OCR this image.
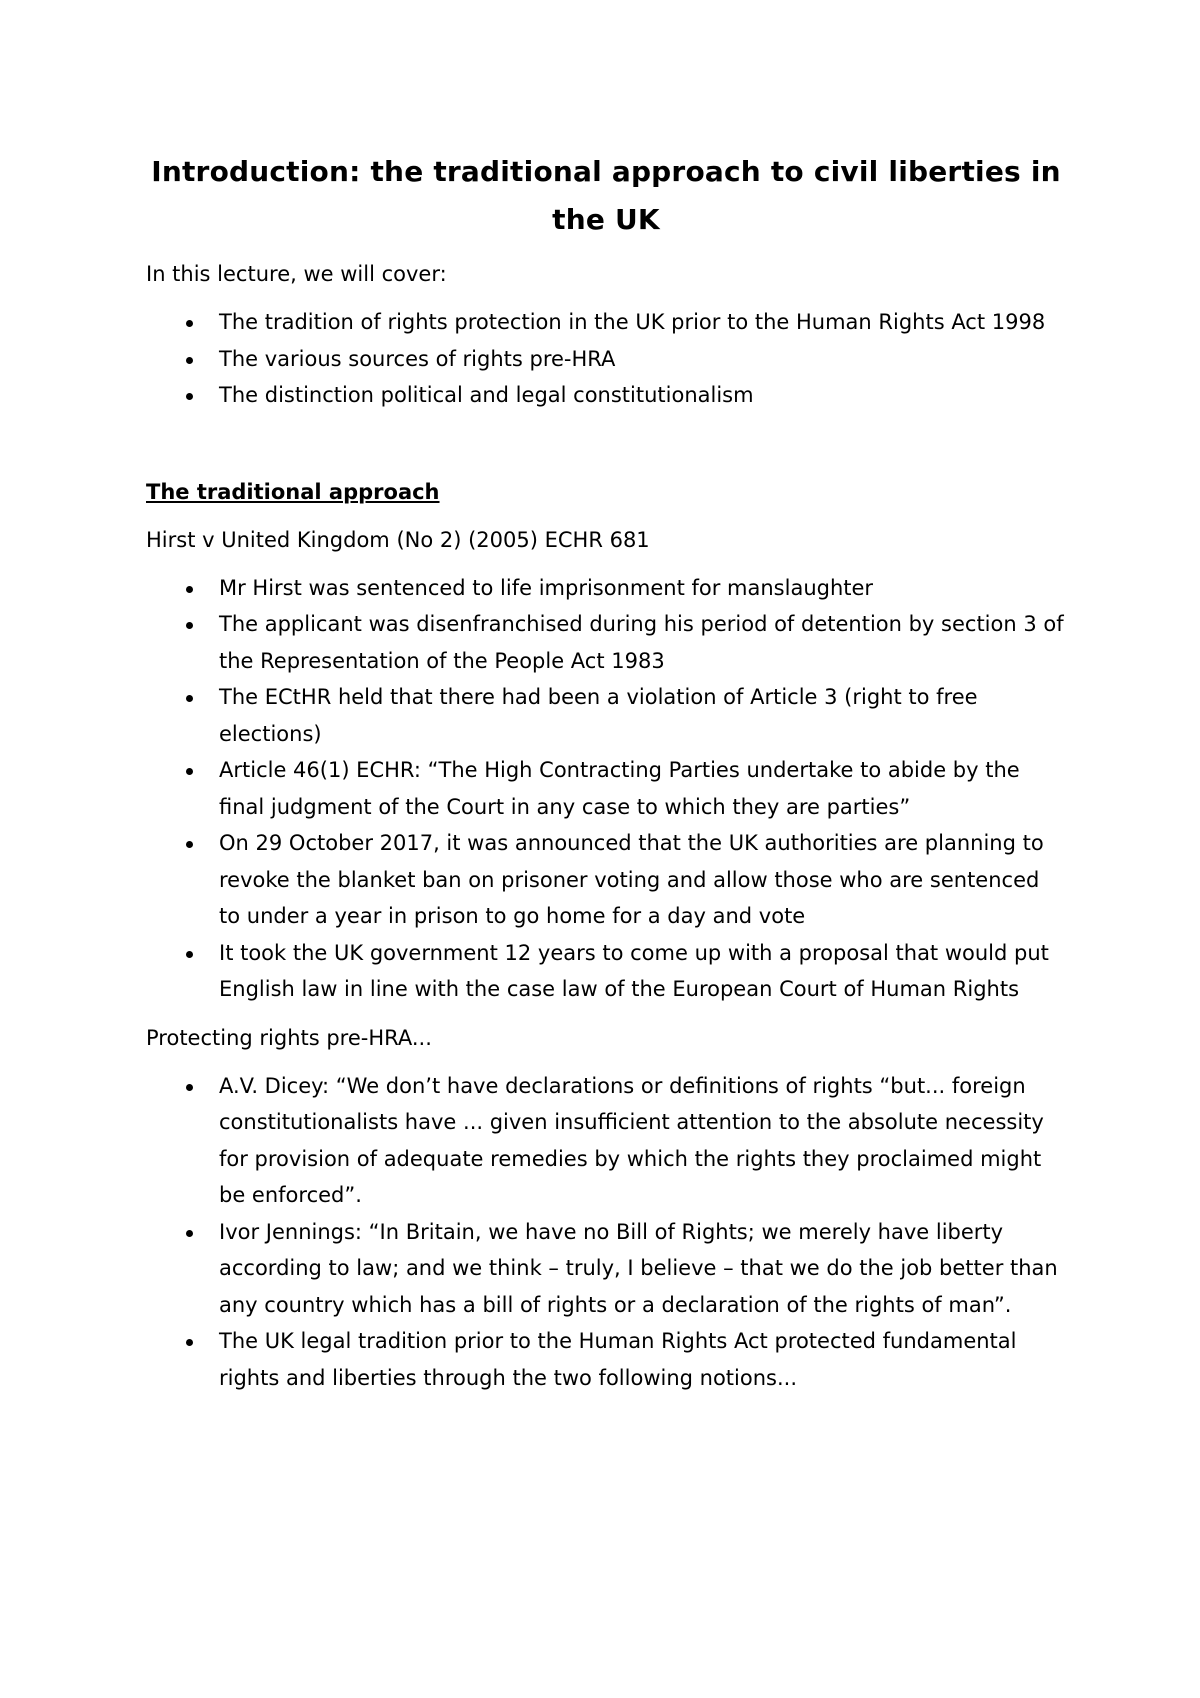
Introduction: the traditional approach to civil liberties in the UK

In this lecture, we will cover:

The tradition of rights protection in the UK prior to the Human Rights Act 1998
The various sources of rights pre-HRA
The distinction political and legal constitutionalism

The traditional approach

Hirst v United Kingdom (No 2) (2005) ECHR 681

Mr Hirst was sentenced to life imprisonment for manslaughter
The applicant was disenfranchised during his period of detention by section 3 of the Representation of the People Act 1983
The ECtHR held that there had been a violation of Article 3 (right to free elections)
Article 46(1) ECHR: “The High Contracting Parties undertake to abide by the final judgment of the Court in any case to which they are parties”
On 29 October 2017, it was announced that the UK authorities are planning to revoke the blanket ban on prisoner voting and allow those who are sentenced to under a year in prison to go home for a day and vote
It took the UK government 12 years to come up with a proposal that would put English law in line with the case law of the European Court of Human Rights

Protecting rights pre-HRA...

A.V. Dicey: “We don’t have declarations or definitions of rights “but... foreign constitutionalists have ... given insufficient attention to the absolute necessity for provision of adequate remedies by which the rights they proclaimed might be enforced”.
Ivor Jennings: “In Britain, we have no Bill of Rights; we merely have liberty according to law; and we think – truly, I believe – that we do the job better than any country which has a bill of rights or a declaration of the rights of man”.
The UK legal tradition prior to the Human Rights Act protected fundamental rights and liberties through the two following notions...
